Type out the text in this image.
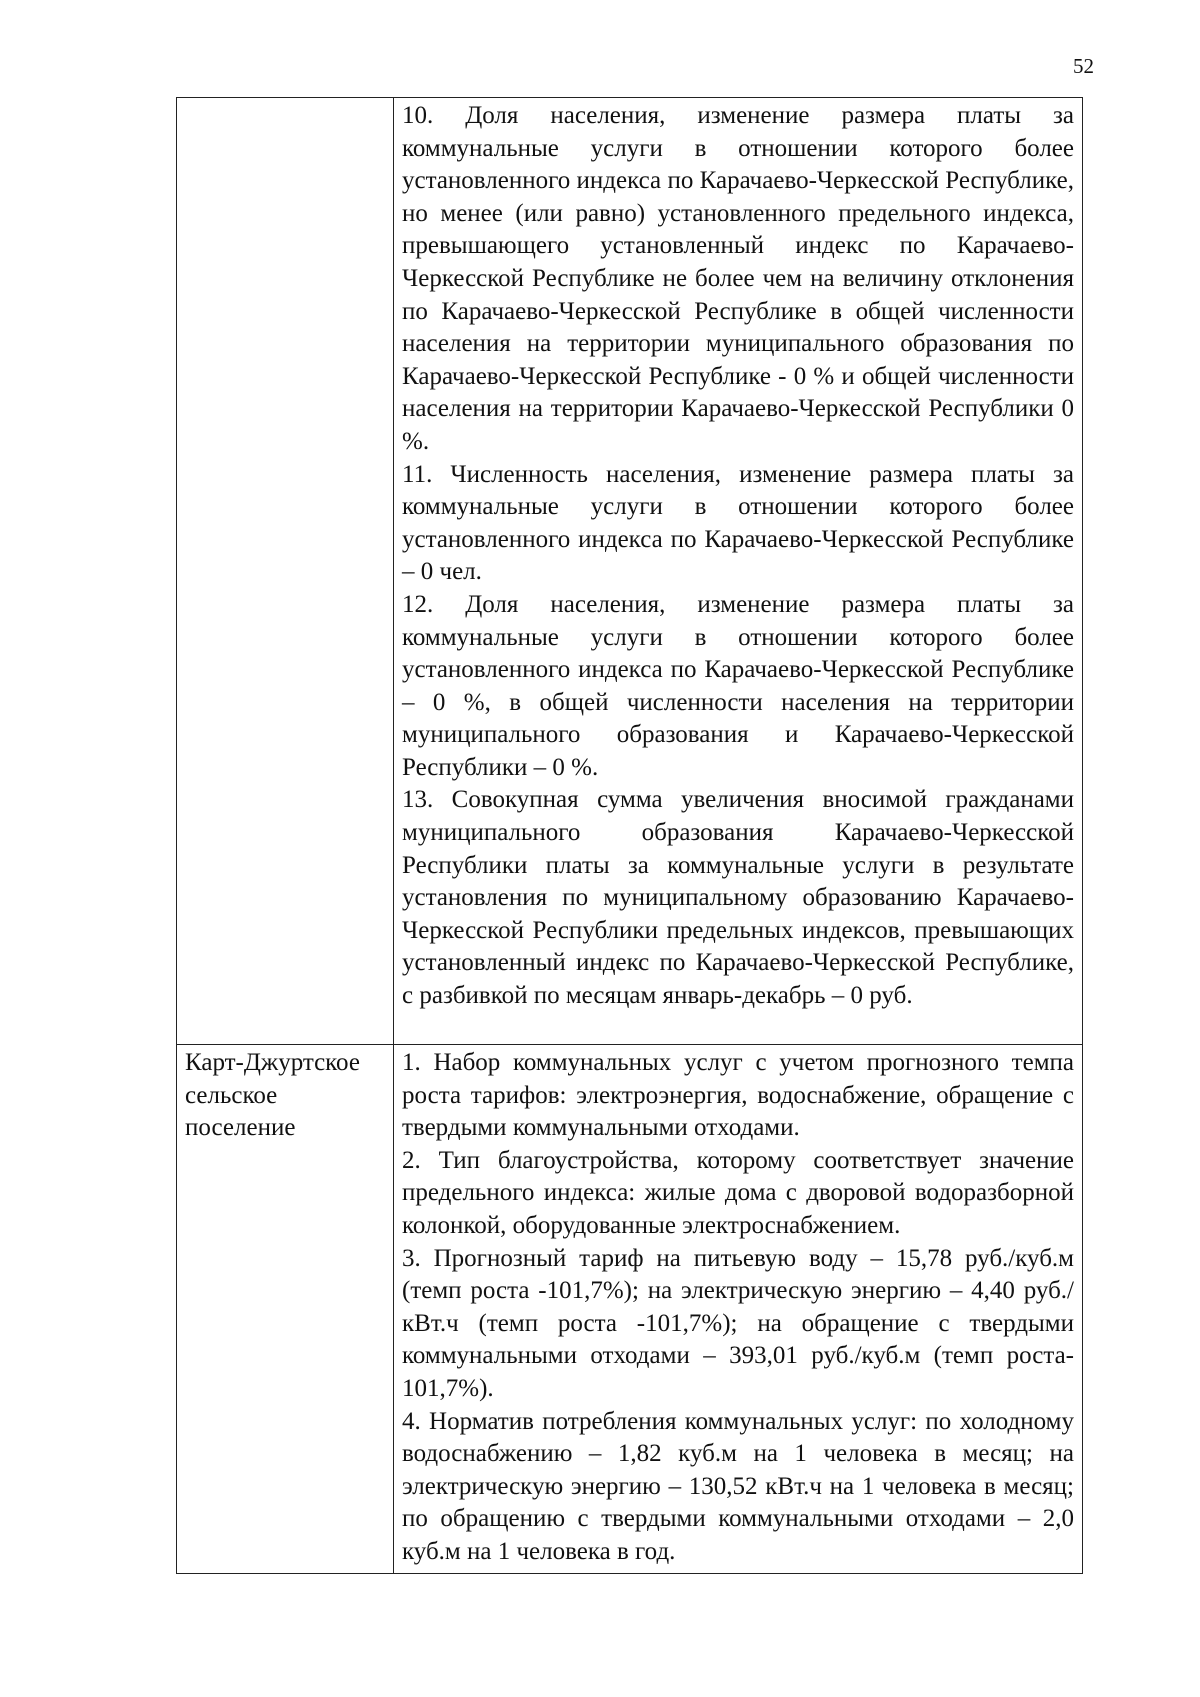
52

	10. Доля населения, изменение размера платы за коммунальные услуги в отношении которого более установленного индекса по Карачаево-Черкесской Республике, но менее (или равно) установленного предельного индекса, превышающего установленный индекс по Карачаево-Черкесской Республике не более чем на величину отклонения по Карачаево-Черкесской Республике в общей численности населения на территории муниципального образования по Карачаево-Черкесской Республике - 0 % и общей численности населения на территории Карачаево-Черкесской Республики 0 %.

11. Численность населения, изменение размера платы за коммунальные услуги в отношении которого более установленного индекса по Карачаево-Черкесской Республике – 0 чел.

12. Доля населения, изменение размера платы за коммунальные услуги в отношении которого более установленного индекса по Карачаево-Черкесской Республике – 0 %, в общей численности населения на территории муниципального образования и Карачаево-Черкесской Республики – 0 %.

13. Совокупная сумма увеличения вносимой гражданами муниципального образования Карачаево-Черкесской Республики платы за коммунальные услуги в результате установления по муниципальному образованию Карачаево-Черкесской Республики предельных индексов, превышающих установленный индекс по Карачаево-Черкесской Республике, с разбивкой по месяцам январь-декабрь – 0 руб.

Карт-Джуртское сельское поселение	1. Набор коммунальных услуг с учетом прогнозного темпа роста тарифов: электроэнергия, водоснабжение, обращение с твердыми коммунальными отходами.

2. Тип благоустройства, которому соответствует значение предельного индекса: жилые дома с дворовой водоразборной колонкой, оборудованные электроснабжением.

3. Прогнозный тариф на питьевую воду – 15,78 руб./куб.м (темп роста -101,7%); на электрическую энергию – 4,40 руб./кВт.ч (темп роста -101,7%); на обращение с твердыми коммунальными отходами – 393,01 руб./куб.м (темп роста- 101,7%).

4. Норматив потребления коммунальных услуг: по холодному водоснабжению – 1,82 куб.м на 1 человека в месяц; на электрическую энергию – 130,52 кВт.ч на 1 человека в месяц; по обращению с твердыми коммунальными отходами – 2,0 куб.м на 1 человека в год.
